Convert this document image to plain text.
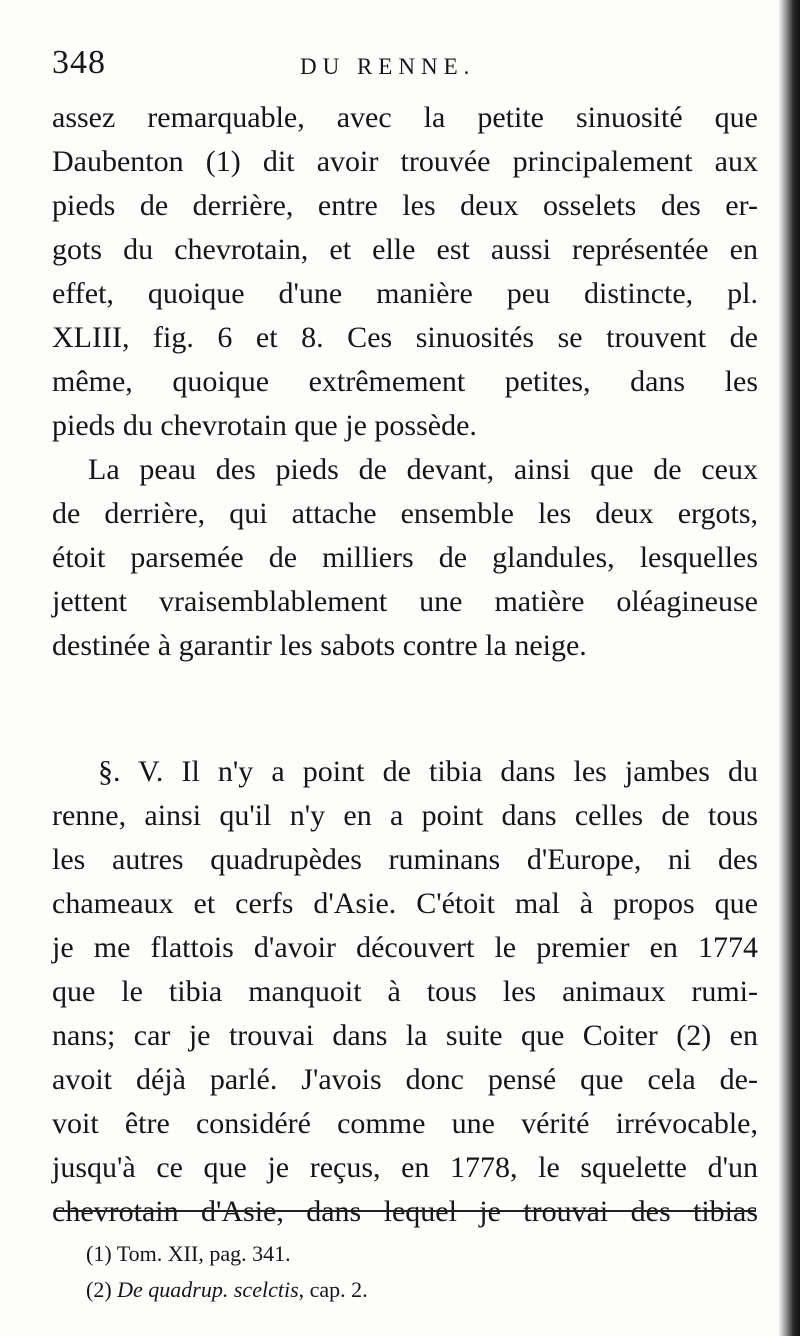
348	DU RENNE.
assez remarquable, avec la petite sinuosité que
Daubenton (1) dit avoir trouvée principalement aux
pieds de derrière, entre les deux osselets des er-
gots du chevrotain, et elle est aussi représentée en
effet, quoique d'une manière peu distincte, pl.
XLIII, fig. 6 et 8. Ces sinuosités se trouvent de
même, quoique extrêmement petites, dans les
pieds du chevrotain que je possède.
La peau des pieds de devant, ainsi que de ceux
de derrière, qui attache ensemble les deux ergots,
étoit parsemée de milliers de glandules, lesquelles
jettent vraisemblablement une matière oléagineuse
destinée à garantir les sabots contre la neige.
§. V. Il n'y a point de tibia dans les jambes du
renne, ainsi qu'il n'y en a point dans celles de tous
les autres quadrupèdes ruminans d'Europe, ni des
chameaux et cerfs d'Asie. C'étoit mal à propos que
je me flattois d'avoir découvert le premier en 1774
que le tibia manquoit à tous les animaux rumi-
nans; car je trouvai dans la suite que Coiter (2) en
avoit déjà parlé. J'avois donc pensé que cela de-
voit être considéré comme une vérité irrévocable,
jusqu'à ce que je reçus, en 1778, le squelette d'un
chevrotain d'Asie, dans lequel je trouvai des tibias
(1) Tom. XII, pag. 341.
(2) De quadrup. scelctis, cap. 2.
